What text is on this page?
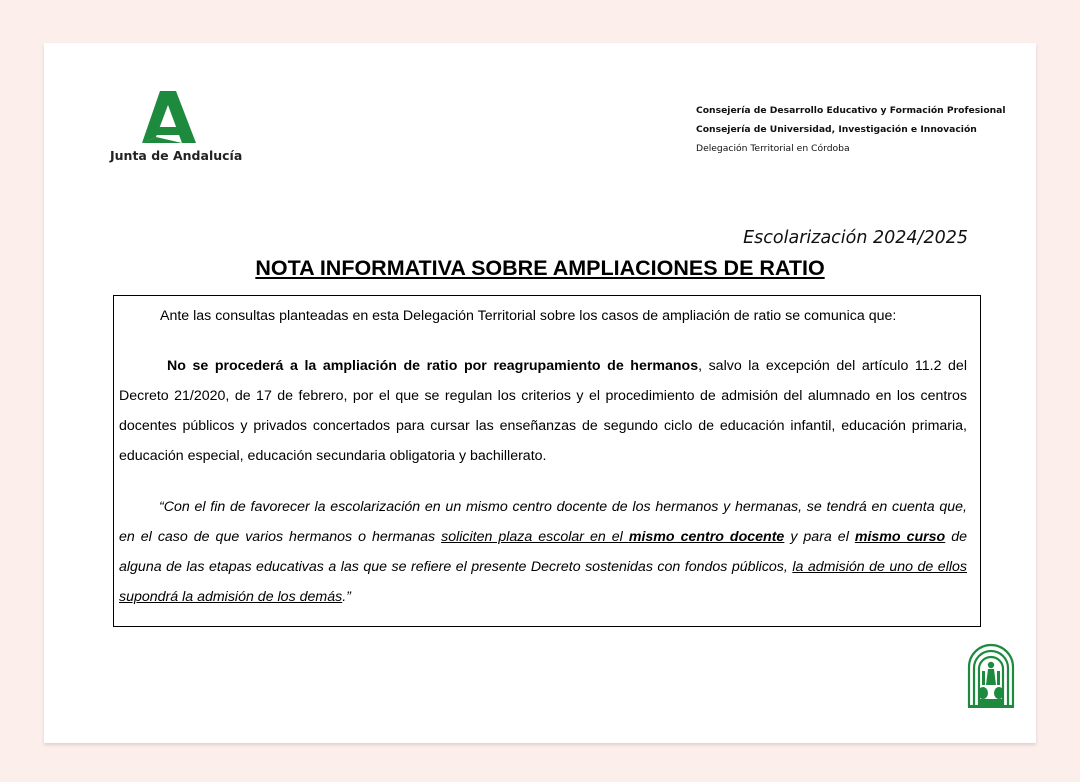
Junta de Andalucía
Consejería de Desarrollo Educativo y Formación Profesional
Consejería de Universidad, Investigación e Innovación
Delegación Territorial en Córdoba
Escolarización 2024/2025
NOTA INFORMATIVA SOBRE AMPLIACIONES DE RATIO
Ante las consultas planteadas en esta Delegación Territorial sobre los casos de ampliación de ratio se comunica que:
No se procederá a la ampliación de ratio por reagrupamiento de hermanos, salvo la excepción del artículo 11.2 del Decreto 21/2020, de 17 de febrero, por el que se regulan los criterios y el procedimiento de admisión del alumnado en los centros docentes públicos y privados concertados para cursar las enseñanzas de segundo ciclo de educación infantil, educación primaria, educación especial, educación secundaria obligatoria y bachillerato.
“Con el fin de favorecer la escolarización en un mismo centro docente de los hermanos y hermanas, se tendrá en cuenta que, en el caso de que varios hermanos o hermanas soliciten plaza escolar en el mismo centro docente y para el mismo curso de alguna de las etapas educativas a las que se refiere el presente Decreto sostenidas con fondos públicos, la admisión de uno de ellos supondrá la admisión de los demás.”
